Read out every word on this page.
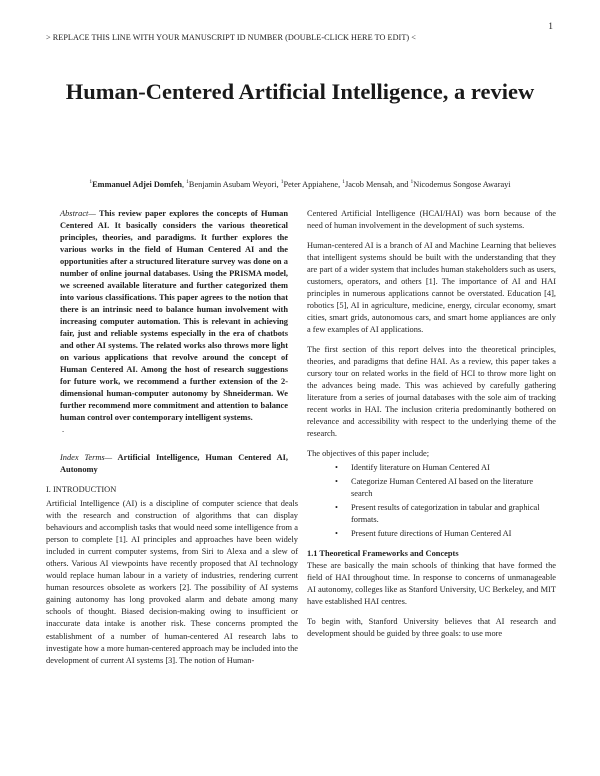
1
> REPLACE THIS LINE WITH YOUR MANUSCRIPT ID NUMBER (DOUBLE-CLICK HERE TO EDIT) <
Human-Centered Artificial Intelligence, a review
$^1$Emmanuel Adjei Domfeh, $^1$Benjamin Asubam Weyori, $^1$Peter Appiahene, $^1$Jacob Mensah, and $^1$Nicodemus Songose Awarayi

Abstract— This review paper explores the concepts of Human Centered AI. It basically considers the various theoretical principles, theories, and paradigms. It further explores the various works in the field of Human Centered AI and the opportunities after a structured literature survey was done on a number of online journal databases. Using the PRISMA model, we screened available literature and further categorized them into various classifications. This paper agrees to the notion that there is an intrinsic need to balance human involvement with increasing computer automation. This is relevant in achieving fair, just and reliable systems especially in the era of chatbots and other AI systems. The related works also throws more light on various applications that revolve around the concept of Human Centered AI. Among the host of research suggestions for future work, we recommend a further extension of the 2-dimensional human-computer autonomy by Shneiderman. We further recommend more commitment and attention to balance human control over contemporary intelligent systems.

.

Index Terms— Artificial Intelligence, Human Centered AI, Autonomy

I. INTRODUCTION

Artificial Intelligence (AI) is a discipline of computer science that deals with the research and construction of algorithms that can display behaviours and accomplish tasks that would need some intelligence from a person to complete [1]. AI principles and approaches have been widely included in current computer systems, from Siri to Alexa and a slew of others. Various AI viewpoints have recently proposed that AI technology would replace human labour in a variety of industries, rendering current human resources obsolete as workers [2]. The possibility of AI systems gaining autonomy has long provoked alarm and debate among many schools of thought. Biased decision-making owing to insufficient or inaccurate data intake is another risk. These concerns prompted the establishment of a number of human-centered AI research labs to investigate how a more human-centered approach may be included into the development of current AI systems [3]. The notion of Human-

Centered Artificial Intelligence (HCAI/HAI) was born because of the need of human involvement in the development of such systems.

Human-centered AI is a branch of AI and Machine Learning that believes that intelligent systems should be built with the understanding that they are part of a wider system that includes human stakeholders such as users, customers, operators, and others [1]. The importance of AI and HAI principles in numerous applications cannot be overstated. Education [4], robotics [5], AI in agriculture, medicine, energy, circular economy, smart cities, smart grids, autonomous cars, and smart home appliances are only a few examples of AI applications.

The first section of this report delves into the theoretical principles, theories, and paradigms that define HAI. As a review, this paper takes a cursory tour on related works in the field of HCI to throw more light on the advances being made. This was achieved by carefully gathering literature from a series of journal databases with the sole aim of tracking recent works in HAI. The inclusion criteria predominantly bothered on relevance and accessibility with respect to the underlying theme of the research.

The objectives of this paper include;

• Identify literature on Human Centered AI
• Categorize Human Centered AI based on the literature search
• Present results of categorization in tabular and graphical formats.
• Present future directions of Human Centered AI

1.1 Theoretical Frameworks and Concepts

These are basically the main schools of thinking that have formed the field of HAI throughout time. In response to concerns of unmanageable AI autonomy, colleges like as Stanford University, UC Berkeley, and MIT have established HAI centres.

To begin with, Stanford University believes that AI research and development should be guided by three goals: to use more
